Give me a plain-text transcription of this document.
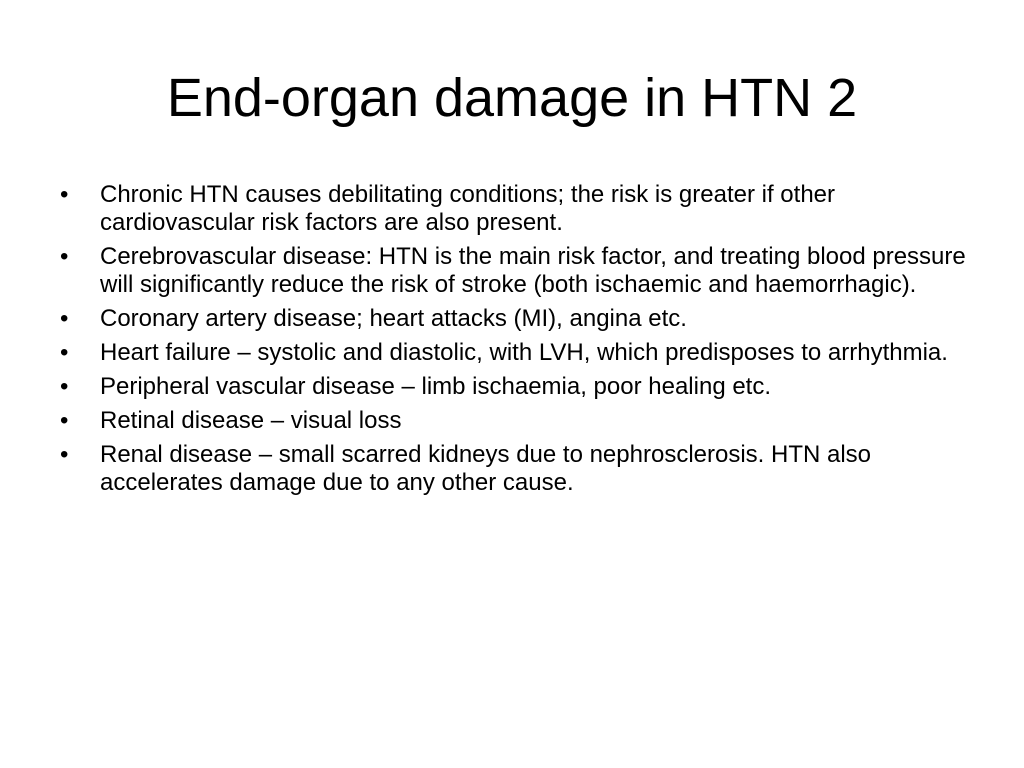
End-organ damage in HTN 2
•	Chronic HTN causes debilitating conditions; the risk is greater if other cardiovascular risk factors are also present.
•	Cerebrovascular disease: HTN is the main risk factor, and treating blood pressure will significantly reduce the risk of stroke (both ischaemic and haemorrhagic).
•	Coronary artery disease; heart attacks (MI), angina etc.
•	Heart failure – systolic and diastolic, with LVH, which predisposes to arrhythmia.
•	Peripheral vascular disease – limb ischaemia, poor healing etc.
•	Retinal disease – visual loss
•	Renal disease – small scarred kidneys due to nephrosclerosis. HTN also accelerates damage due to any other cause.
